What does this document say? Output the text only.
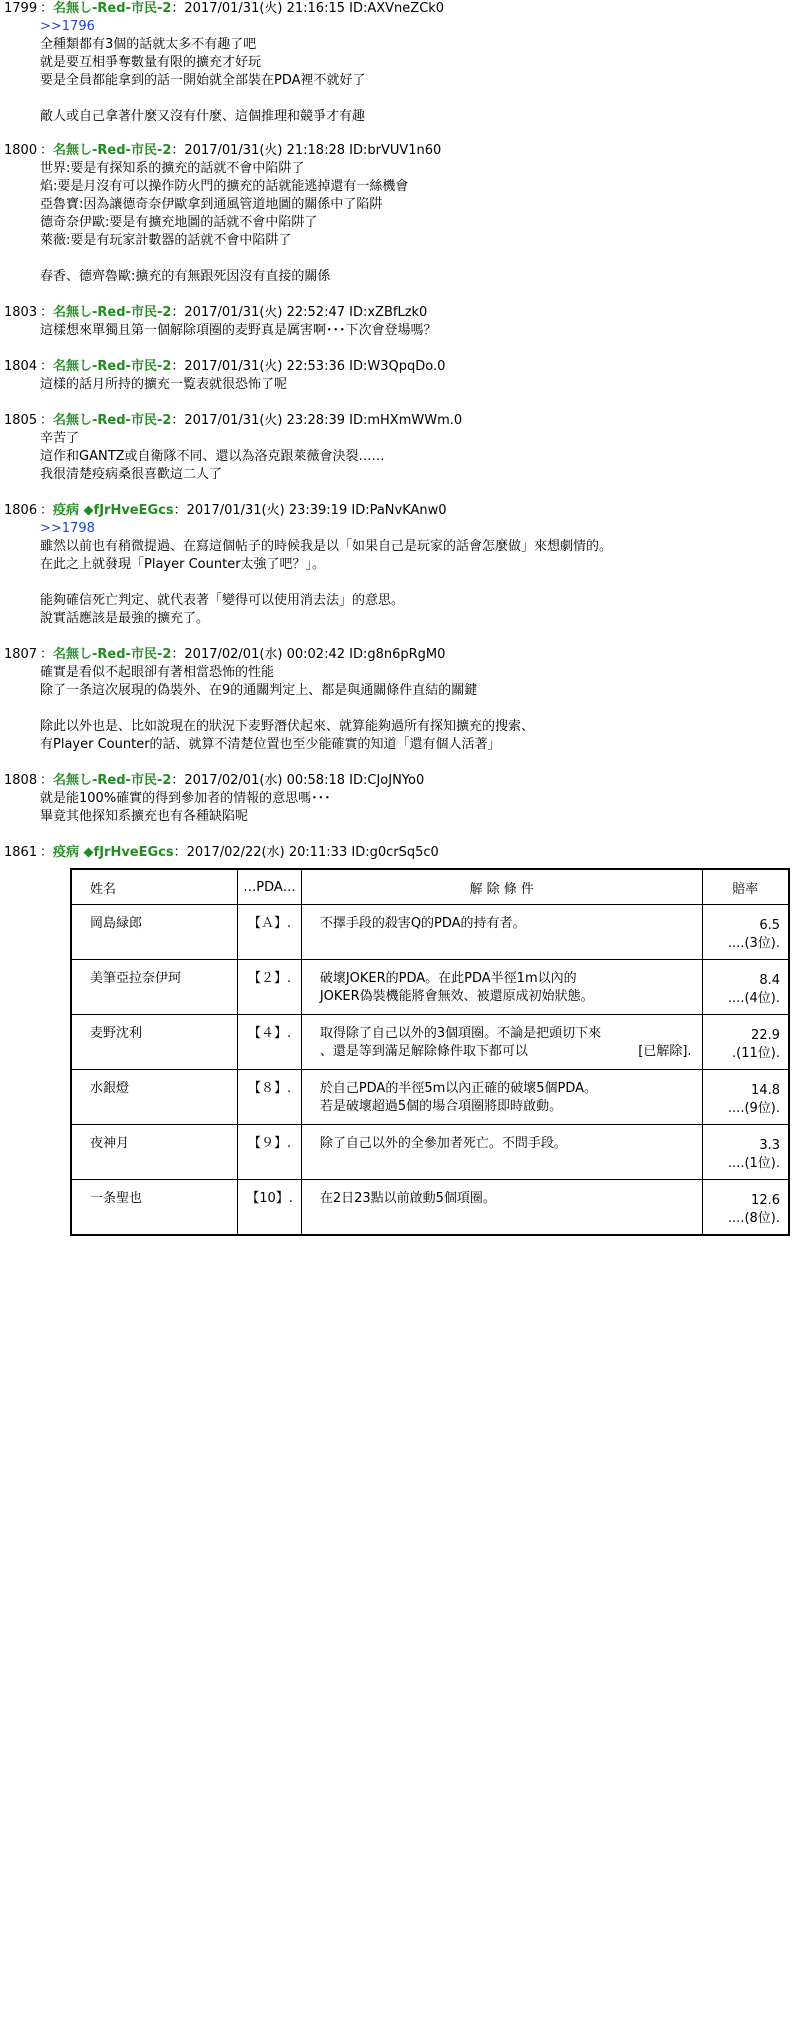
1799 ：名無し-Red-市民-2：2017/01/31(火) 21:16:15 ID:AXVneZCk0
>>1796
全種類都有3個的話就太多不有趣了吧
就是要互相爭奪數量有限的擴充才好玩
要是全員都能拿到的話一開始就全部裝在PDA裡不就好了
敵人或自己拿著什麼又沒有什麼、這個推理和競爭才有趣
1800 ：名無し-Red-市民-2：2017/01/31(火) 21:18:28 ID:brVUV1n60
世界:要是有探知系的擴充的話就不會中陷阱了
焰:要是月沒有可以操作防火門的擴充的話就能逃掉還有一絲機會
亞魯寶:因為讓德奇奈伊歐拿到通風管道地圖的關係中了陷阱
德奇奈伊歐:要是有擴充地圖的話就不會中陷阱了
萊薇:要是有玩家計數器的話就不會中陷阱了
春香、德齊魯歐:擴充的有無跟死因沒有直接的關係
1803 ：名無し-Red-市民-2：2017/01/31(火) 22:52:47 ID:xZBfLzk0
這樣想來單獨且第一個解除項圈的麦野真是厲害啊･･･下次會登場嗎？
1804 ：名無し-Red-市民-2：2017/01/31(火) 22:53:36 ID:W3QpqDo.0
這樣的話月所持的擴充一覧表就很恐怖了呢
1805 ：名無し-Red-市民-2：2017/01/31(火) 23:28:39 ID:mHXmWWm.0
辛苦了
這作和GANTZ或自衛隊不同、還以為洛克跟萊薇會決裂……
我很清楚疫病桑很喜歡這二人了
1806 ：疫病 ◆fJrHveEGcs：2017/01/31(火) 23:39:19 ID:PaNvKAnw0
>>1798
雖然以前也有稍微提過、在寫這個帖子的時候我是以「如果自己是玩家的話會怎麼做」來想劇情的。
在此之上就發現「Player Counter太強了吧？」。
能夠確信死亡判定、就代表著「變得可以使用消去法」的意思。
說實話應該是最強的擴充了。
1807 ：名無し-Red-市民-2：2017/02/01(水) 00:02:42 ID:g8n6pRgM0
確實是看似不起眼卻有著相當恐怖的性能
除了一条這次展現的偽裝外、在9的通關判定上、都是與通關條件直結的關鍵
除此以外也是、比如說現在的狀況下麦野潛伏起來、就算能夠過所有探知擴充的搜索、
有Player Counter的話、就算不清楚位置也至少能確實的知道「還有個人活著」
1808 ：名無し-Red-市民-2：2017/02/01(水) 00:58:18 ID:CJoJNYo0
就是能100%確實的得到參加者的情報的意思嗎･･･
畢竟其他探知系擴充也有各種缺陷呢
1861 ：疫病 ◆fJrHveEGcs：2017/02/22(水) 20:11:33 ID:g0crSq5c0
姓名	…PDA…	解 除 條 件	賠率

岡島緑郎	【Ａ】.	不擇手段的殺害Q的PDA的持有者。	6.5
....(3位).

美筆亞拉奈伊珂	【２】.	破壞JOKER的PDA。在此PDA半徑1m以內的
JOKER偽裝機能將會無效、被還原成初始狀態。	8.4
....(4位).

麦野沈利	【４】.	取得除了自己以外的3個項圈。不論是把頭切下來
、還是等到滿足解除條件取下都可以 [已解除].	22.9
.(11位).

水銀燈	【８】.	於自己PDA的半徑5m以內正確的破壞5個PDA。
若是破壞超過5個的場合項圈將即時啟動。	14.8
....(9位).

夜神月	【９】.	除了自己以外的全參加者死亡。不問手段。	3.3
....(1位).

一条聖也	【10】.	在2日23點以前啟動5個項圈。	12.6
....(8位).
